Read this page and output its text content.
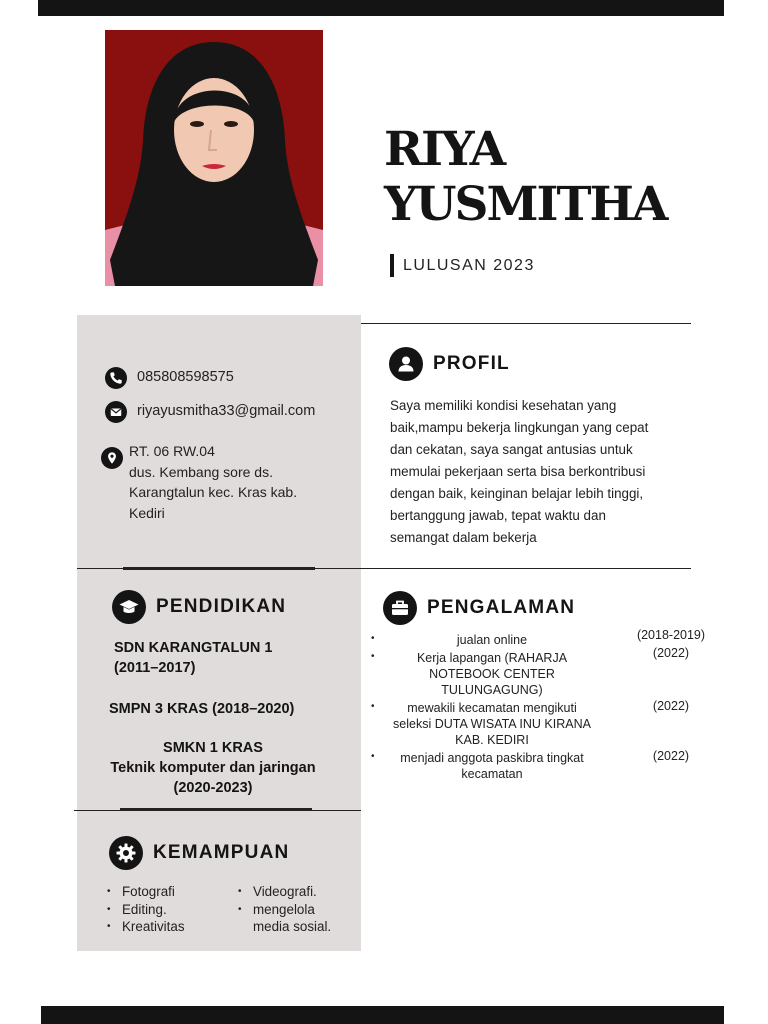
RIYA
YUSMITHA
LULUSAN 2023
085808598575
riyayusmitha33@gmail.com
RT. 06 RW.04
dus. Kembang sore ds.
Karangtalun kec. Kras kab.
Kediri
PROFIL
Saya memiliki kondisi kesehatan yang
baik,mampu bekerja lingkungan yang cepat
dan cekatan, saya sangat antusias untuk
memulai pekerjaan serta bisa berkontribusi
dengan baik, keinginan belajar lebih tinggi,
bertanggung jawab, tepat waktu dan
semangat dalam bekerja
PENDIDIKAN
SDN KARANGTALUN 1
(2011–2017)
SMPN 3 KRAS (2018–2020)
SMKN 1 KRAS
Teknik komputer dan jaringan
(2020-2023)
PENGALAMAN
•	jualan online	(2018-2019)
•	Kerja lapangan (RAHARJA
NOTEBOOK CENTER
TULUNGAGUNG)
(2022)
•	mewakili kecamatan mengikuti
seleksi DUTA WISATA INU KIRANA
KAB. KEDIRI
(2022)
•	menjadi anggota paskibra tingkat
kecamatan
(2022)
KEMAMPUAN
• Fotografi
• Editing.
• Kreativitas
• Videografi.
• mengelola
media sosial.
